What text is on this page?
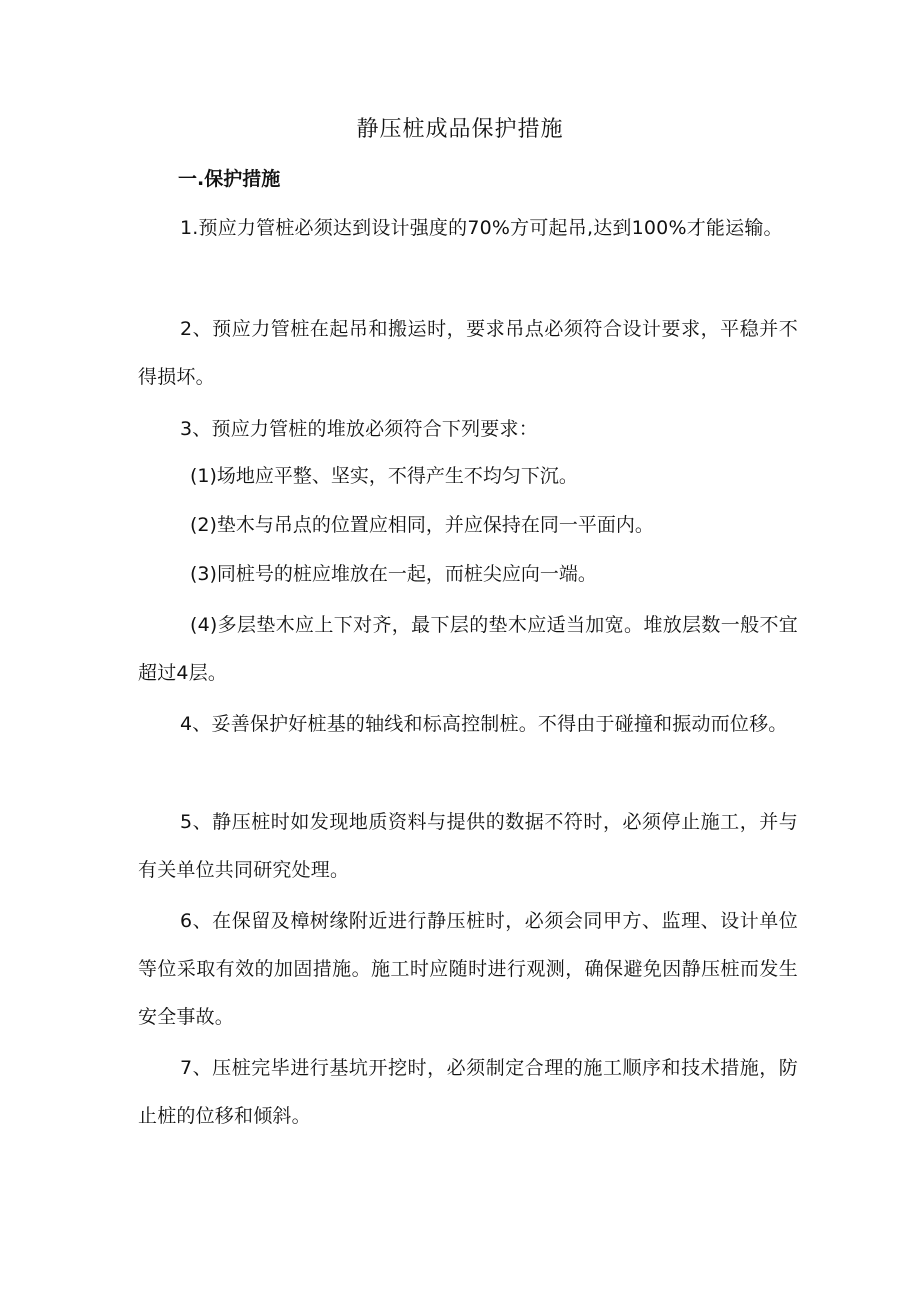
静压桩成品保护措施
一.保护措施
1.预应力管桩必须达到设计强度的70%方可起吊,达到100%才能运输。
2、预应力管桩在起吊和搬运时，要求吊点必须符合设计要求，平稳并不得损坏。
3、预应力管桩的堆放必须符合下列要求：
(1)场地应平整、坚实，不得产生不均匀下沉。
(2)垫木与吊点的位置应相同，并应保持在同一平面内。
(3)同桩号的桩应堆放在一起，而桩尖应向一端。
(4)多层垫木应上下对齐，最下层的垫木应适当加宽。堆放层数一般不宜超过4层。
4、妥善保护好桩基的轴线和标高控制桩。不得由于碰撞和振动而位移。
5、静压桩时如发现地质资料与提供的数据不符时，必须停止施工，并与有关单位共同研究处理。
6、在保留及樟树缘附近进行静压桩时，必须会同甲方、监理、设计单位等位采取有效的加固措施。施工时应随时进行观测，确保避免因静压桩而发生安全事故。
7、压桩完毕进行基坑开挖时，必须制定合理的施工顺序和技术措施，防止桩的位移和倾斜。
